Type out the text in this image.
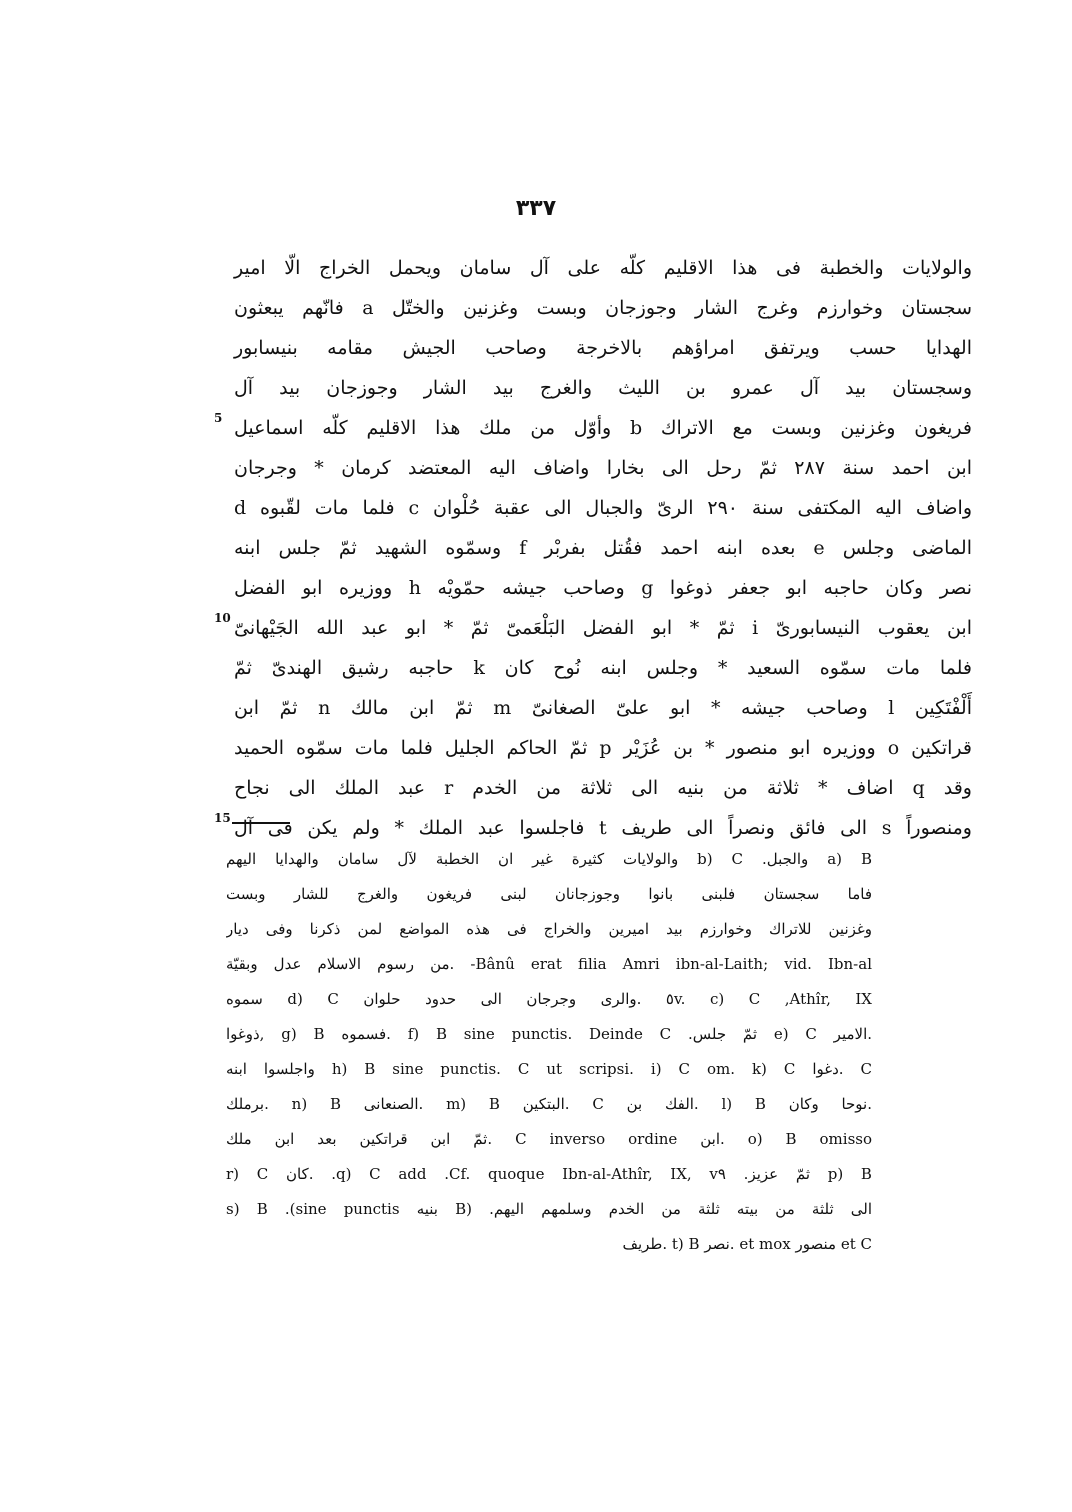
٣٣٧
والولايات والخطبة فى هذا الاقليم كلّه على آل سامان ويحمل الخراج الّا امير
سجستان وخوارزم وغرج الشار وجوزجان وبست وغزنين والختّل a فانّهم يبعثون
الهدايا حسب ويرتفق امراؤهم بالاخرجة وصاحب الجيش مقامه بنيسابور
وسجستان بيد آل عمرو بن الليث والغرج بيد الشار وجوزجان بيد آل
5 فريغون وغزنين وبست مع الاتراك b وأوّل من ملك هذا الاقليم كلّه اسماعيل
ابن احمد سنة ٢٨٧ ثمّ رحل الى بخارا واضاف اليه المعتضد كرمان * وجرجان
واضاف اليه المكتفى سنة ٢٩٠ الرىّ والجبال الى عقبة حُلْوان c فلما مات لقّبوه d
الماضى وجلس e بعده ابنه احمد فقُتل بفربْر f وسمّوه الشهيد ثمّ جلس ابنه
نصر وكان حاجبه ابو جعفر ذوغوا g وصاحب جيشه حمّويْه h ووزيره ابو الفضل
10 ابن يعقوب النيسابورىّ i ثمّ * ابو الفضل البَلْعَمىّ ثمّ * ابو عبد الله الجَيْهانىّ
فلما مات سمّوه السعيد * وجلس ابنه نُوح كان k حاجبه رشيق الهندىّ ثمّ
أَلْفْتَكِين l وصاحب جيشه * ابو علىّ الصغانىّ m ثمّ ابن مالك n ثمّ ابن
قراتكين o ووزيره ابو منصور * بن عُزَيْر p ثمّ الحاكم الجليل فلما مات سمّوه الحميد
وقد q اضاف * ثلاثة من بنيه الى ثلاثة من الخدم r عبد الملك الى نجاح
15 ومنصوراً s الى فائق ونصراً الى طريف t فاجلسوا عبد الملك * ولم يكن فى آل
a) B والجبل. b) C والولايات كثيرة غير ان الخطبة لآل سامان والهدايا اليهم
فاما سجستان فلبنى بانوا وجوزجانان لبنى فريغون والغرج للشار وبست
وغزنين للاتراك وخوارزم بيد اميرين والخراج فى هذه المواضع لمن ذكرنا وفى ديار
Bânû erat filia Amri ibn-al-Laith; vid. Ibn-al- .من رسوم الاسلام عدل وبقيّة
Athîr, IX, ٥v. c) C .والرى وجرجان الى حدود حلوان d) C سموه
.الامير e) C ثمّ جلس. f) B sine punctis. Deinde C .فسموه g) B ,ذوغوا
C .دغوا h) B sine punctis. C ut scripsi. i) C om. k) C واجلسوا ابنه
.نوحا وكان l) B .الفك بن C .البتكين m) B .الصنعانى n) B .برملك
o) B omisso .ابن C inverso ordine .ثمّ ابن قراتكين بعد ابن ملك
p) B ثمّ عزيز. Cf. quoque Ibn-al-Athîr, IX, v٩. q) C add. .كان r) C
الى ثلثة من بيته ثلثة من الخدم وسلمهم اليهم. (B بنيه sine punctis). s) B
et C منصور et mox .نصر t) B .طريف
